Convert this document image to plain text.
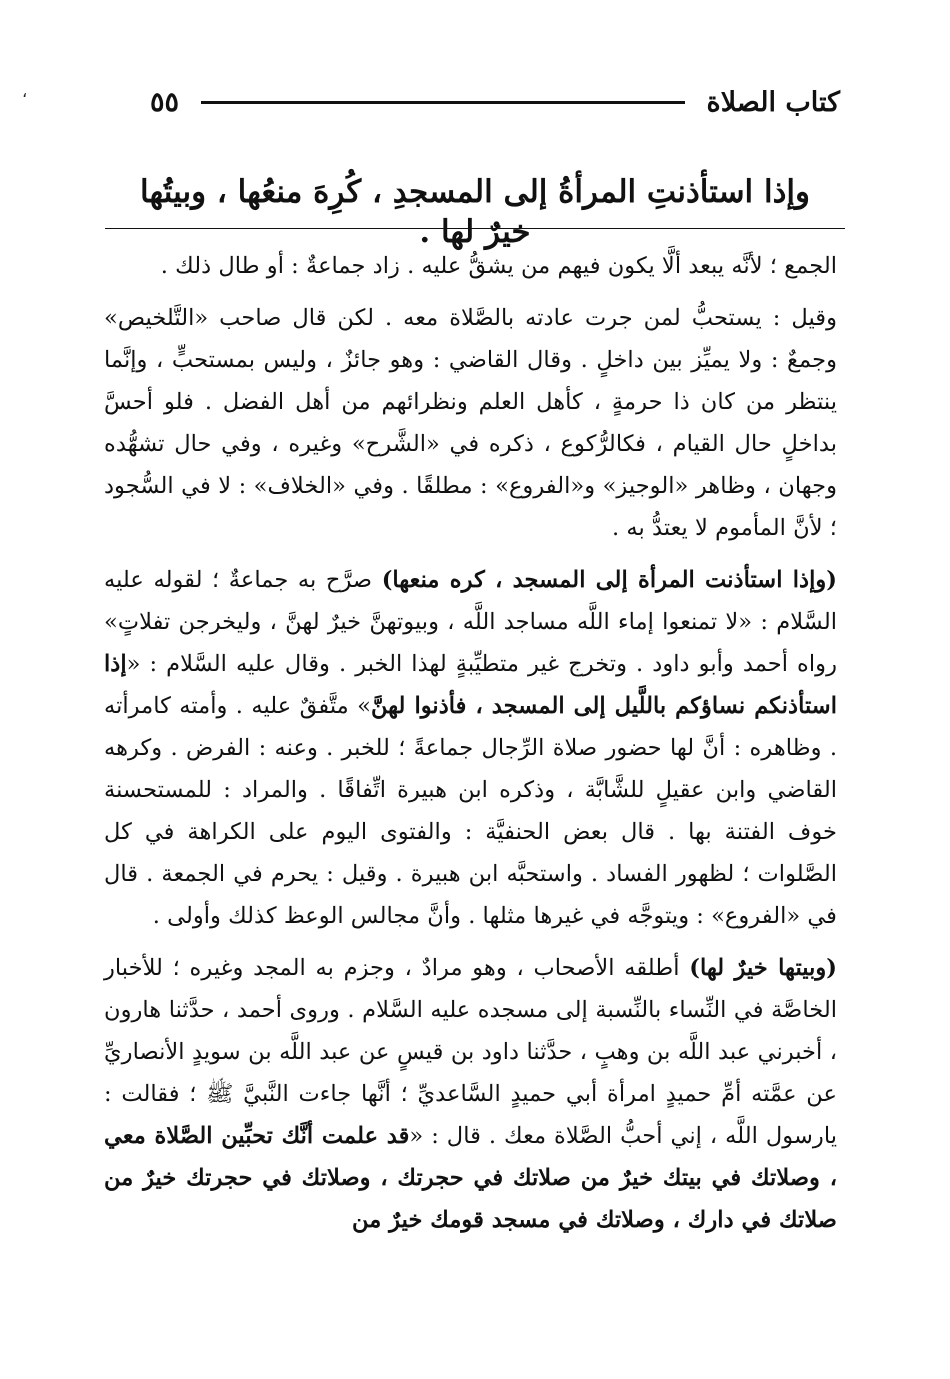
،	كتاب الصلاة
٥٥
وإذا استأذنتِ المرأةُ إلى المسجدِ ، كُرِهَ منعُها ، وبيتُها خيرٌ لها .

الجمع ؛ لأنَّه يبعد ألَّا يكون فيهم من يشقُّ عليه . زاد جماعةٌ : أو طال ذلك .

وقيل : يستحبُّ لمن جرت عادته بالصَّلاة معه . لكن قال صاحب «التَّلخيص» وجمعٌ : ولا يميِّز بين داخلٍ . وقال القاضي : وهو جائزٌ ، وليس بمستحبٍّ ، وإنَّما ينتظر من كان ذا حرمةٍ ، كأهل العلم ونظرائهم من أهل الفضل . فلو أحسَّ بداخلٍ حال القيام ، فكالرُّكوع ، ذكره في «الشَّرح» وغيره ، وفي حال تشهُّده وجهان ، وظاهر «الوجيز» و«الفروع» : مطلقًا . وفي «الخلاف» : لا في السُّجود ؛ لأنَّ المأموم لا يعتدُّ به .

(وإذا استأذنت المرأة إلى المسجد ، كره منعها) صرَّح به جماعةٌ ؛ لقوله عليه السَّلام : «لا تمنعوا إماء اللَّه مساجد اللَّه ، وبيوتهنَّ خيرٌ لهنَّ ، وليخرجن تفلاتٍ» رواه أحمد وأبو داود . وتخرج غير متطيِّبةٍ لهذا الخبر . وقال عليه السَّلام : «إذا استأذنكم نساؤكم باللَّيل إلى المسجد ، فأذنوا لهنَّ» متَّفقٌ عليه . وأمته كامرأته . وظاهره : أنَّ لها حضور صلاة الرِّجال جماعةً ؛ للخبر . وعنه : الفرض . وكرهه القاضي وابن عقيلٍ للشَّابَّة ، وذكره ابن هبيرة اتِّفاقًا . والمراد : للمستحسنة خوف الفتنة بها . قال بعض الحنفيَّة : والفتوى اليوم على الكراهة في كل الصَّلوات ؛ لظهور الفساد . واستحبَّه ابن هبيرة . وقيل : يحرم في الجمعة . قال في «الفروع» : ويتوجَّه في غيرها مثلها . وأنَّ مجالس الوعظ كذلك وأولى .

(وبيتها خيرٌ لها) أطلقه الأصحاب ، وهو مرادٌ ، وجزم به المجد وغيره ؛ للأخبار الخاصَّة في النِّساء بالنِّسبة إلى مسجده عليه السَّلام . وروى أحمد ، حدَّثنا هارون ، أخبرني عبد اللَّه بن وهبٍ ، حدَّثنا داود بن قيسٍ عن عبد اللَّه بن سويدٍ الأنصاريِّ عن عمَّته أمِّ حميدٍ امرأة أبي حميدٍ السَّاعديِّ ؛ أنَّها جاءت النَّبيَّ ﷺ ؛ فقالت : يارسول اللَّه ، إني أحبُّ الصَّلاة معك . قال : «قد علمت أنَّك تحبِّين الصَّلاة معي ، وصلاتك في بيتك خيرٌ من صلاتك في حجرتك ، وصلاتك في حجرتك خيرٌ من صلاتك في دارك ، وصلاتك في مسجد قومك خيرٌ من
